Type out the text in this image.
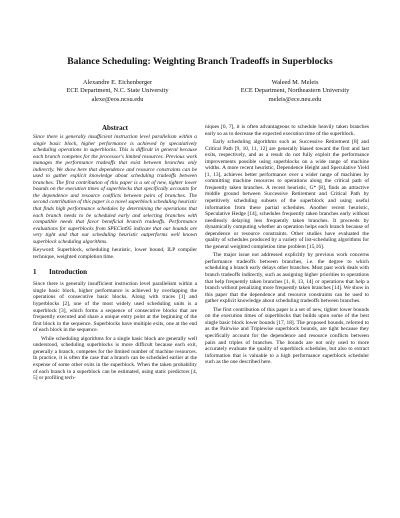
Balance Scheduling: Weighting Branch Tradeoffs in Superblocks
Alexandre E. Eichenberger
ECE Department, N.C. State University
alexe@eos.ncsu.edu
Waleed M. Meleis
ECE Department, Northeastern University
meleis@ece.neu.edu
Abstract

Since there is generally insufficient instruction level parallelism within a single basic block, higher performance is achieved by speculatively scheduling operations in superblocks. This is difficult in general because each branch competes for the processor's limited resources. Previous work manages the performance tradeoffs that exist between branches only indirectly. We show here that dependence and resource constraints can be used to gather explicit knowledge about scheduling tradeoffs between branches. The first contribution of this paper is a set of new, tighter lower bounds on the execution times of superblocks that specifically accounts for the dependence and resource conflicts between pairs of branches. The second contribution of this paper is a novel superblock scheduling heuristic that finds high performance schedules by determining the operations that each branch needs to be scheduled early and selecting branches with compatible needs that favor beneficial branch tradeoffs. Performance evaluations for superblocks from SPECint95 indicate that our bounds are very tight and that our scheduling heuristic outperforms well known superblock scheduling algorithms.

Keyword: Superblock, scheduling heuristic, lower bound, ILP compiler technique, weighted completion time.

1 Introduction

Since there is generally insufficient instruction level parallelism within a single basic block, higher performance is achieved by overlapping the operations of consecutive basic blocks. Along with traces [1] and hyperblocks [2], one of the most widely used scheduling units is a superblock [3], which forms a sequence of consecutive blocks that are frequently executed and share a unique entry point at the beginning of the first block in the sequence. Superblocks have multiple exits, one at the end of each block in the sequence.

While scheduling algorithms for a single basic block are generally well understood, scheduling superblocks is more difficult because each exit, generally a branch, competes for the limited number of machine resources. In practice, it is often the case that a branch can be scheduled earlier at the expense of some other exits in the superblock. When the taken probability of each branch in a superblock can be estimated, using static predictors [4, 5] or profiling tech-

niques [6, 7], it is often advantageous to schedule heavily taken branches early so as to decrease the expected execution time of the superblock.

Early scheduling algorithms such as Successive Retirement [8] and Critical Path [9, 10, 11, 12] are generally biased toward the first and last exits, respectively, and as a result do not fully exploit the performance improvements possible using superblocks on a wide range of machine widths. A more recent heuristic, Dependence Height and Speculative Yield [1, 13], achieves better performance over a wider range of machines by committing machine resources to operations along the critical path of frequently taken branches. A recent heuristic, G* [8], finds an attractive middle ground between Successive Retirement and Critical Path by repetitively scheduling subsets of the superblock and using useful information from these partial schedules. Another recent heuristic, Speculative Hedge [14], schedules frequently taken branches early without needlessly delaying less frequently taken branches. It proceeds by dynamically computing whether an operation helps each branch because of dependence or resource constraints. Other studies have evaluated the quality of schedules produced by a variety of list-scheduling algorithms for the general weighted completion time problem [15,16].

The major issue not addressed explicitly by previous work concerns performance tradeoffs between branches, i.e. the degree to which scheduling a branch early delays other branches. Most past work deals with branch tradeoffs indirectly, such as assigning higher priorities to operations that help frequently taken branches [1, 8, 13, 14] or operations that help a branch without penalizing more frequently taken branches [14]. We show in this paper that the dependence and resource constraints can be used to gather explicit knowledge about scheduling tradeoffs between branches.

The first contribution of this paper is a set of new, tighter lower bounds on the execution times of superblocks that builds upon some of the best single basic block lower bounds [17, 18]. The proposed bounds, referred to as the Pairwise and Triplewise superblock bounds, are tight because they specifically account for the dependence and resource conflicts between pairs and triples of branches. The bounds are not only used to more accurately evaluate the quality of superblock schedules, but also to extract information that is valuable to a high performance superblock scheduler such as the one described here.
